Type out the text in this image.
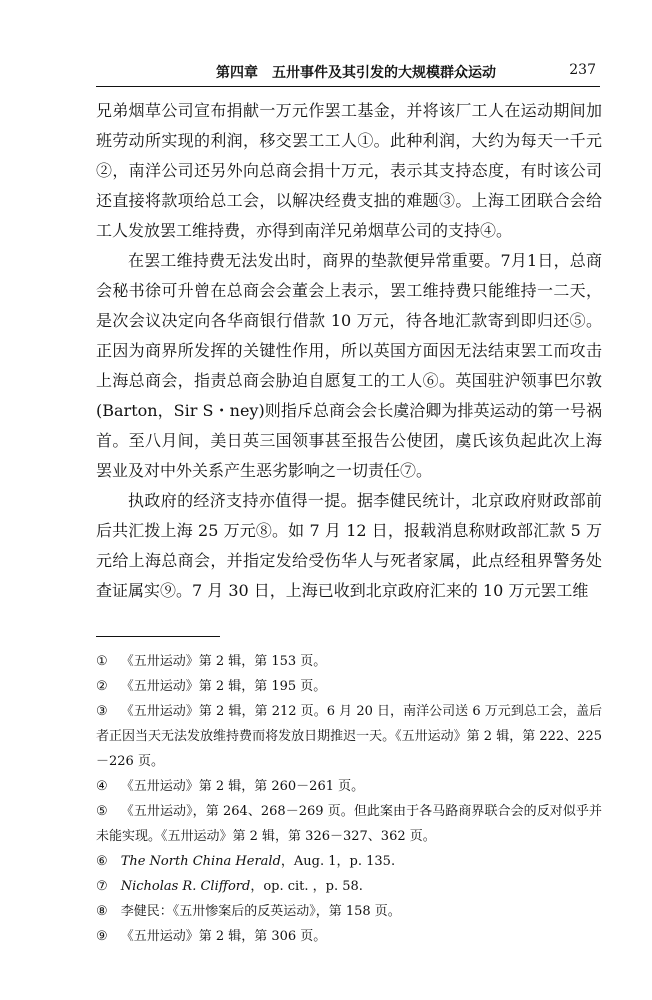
第四章　五卅事件及其引发的大规模群众运动	237

兄弟烟草公司宣布捐献一万元作罢工基金，并将该厂工人在运动期间加班劳动所实现的利润，移交罢工工人①。此种利润，大约为每天一千元②，南洋公司还另外向总商会捐十万元，表示其支持态度，有时该公司还直接将款项给总工会，以解决经费支拙的难题③。上海工团联合会给工人发放罢工维持费，亦得到南洋兄弟烟草公司的支持④。

在罢工维持费无法发出时，商界的垫款便异常重要。7月1日，总商会秘书徐可升曾在总商会会董会上表示，罢工维持费只能维持一二天，是次会议决定向各华商银行借款 10 万元，待各地汇款寄到即归还⑤。正因为商界所发挥的关键性作用，所以英国方面因无法结束罢工而攻击上海总商会，指责总商会胁迫自愿复工的工人⑥。英国驻沪领事巴尔敦(Barton，Sir S・ney)则指斥总商会会长虞洽卿为排英运动的第一号祸首。至八月间，美日英三国领事甚至报告公使团，虞氏该负起此次上海罢业及对中外关系产生恶劣影响之一切责任⑦。

执政府的经济支持亦值得一提。据李健民统计，北京政府财政部前后共汇拨上海 25 万元⑧。如 7 月 12 日，报载消息称财政部汇款 5 万元给上海总商会，并指定发给受伤华人与死者家属，此点经租界警务处查证属实⑨。7 月 30 日，上海已收到北京政府汇来的 10 万元罢工维

① 《五卅运动》第 2 辑，第 153 页。

② 《五卅运动》第 2 辑，第 195 页。

③ 《五卅运动》第 2 辑，第 212 页。6 月 20 日，南洋公司送 6 万元到总工会，盖后者正因当天无法发放维持费而将发放日期推迟一天。《五卅运动》第 2 辑，第 222、225－226 页。

④ 《五卅运动》第 2 辑，第 260－261 页。

⑤ 《五卅运动》，第 264、268－269 页。但此案由于各马路商界联合会的反对似乎并未能实现。《五卅运动》第 2 辑，第 326－327、362 页。

⑥ The North China Herald，Aug. 1，p. 135.

⑦ Nicholas R. Clifford，op. cit. ，p. 58.

⑧ 李健民：《五卅惨案后的反英运动》，第 158 页。

⑨ 《五卅运动》第 2 辑，第 306 页。
